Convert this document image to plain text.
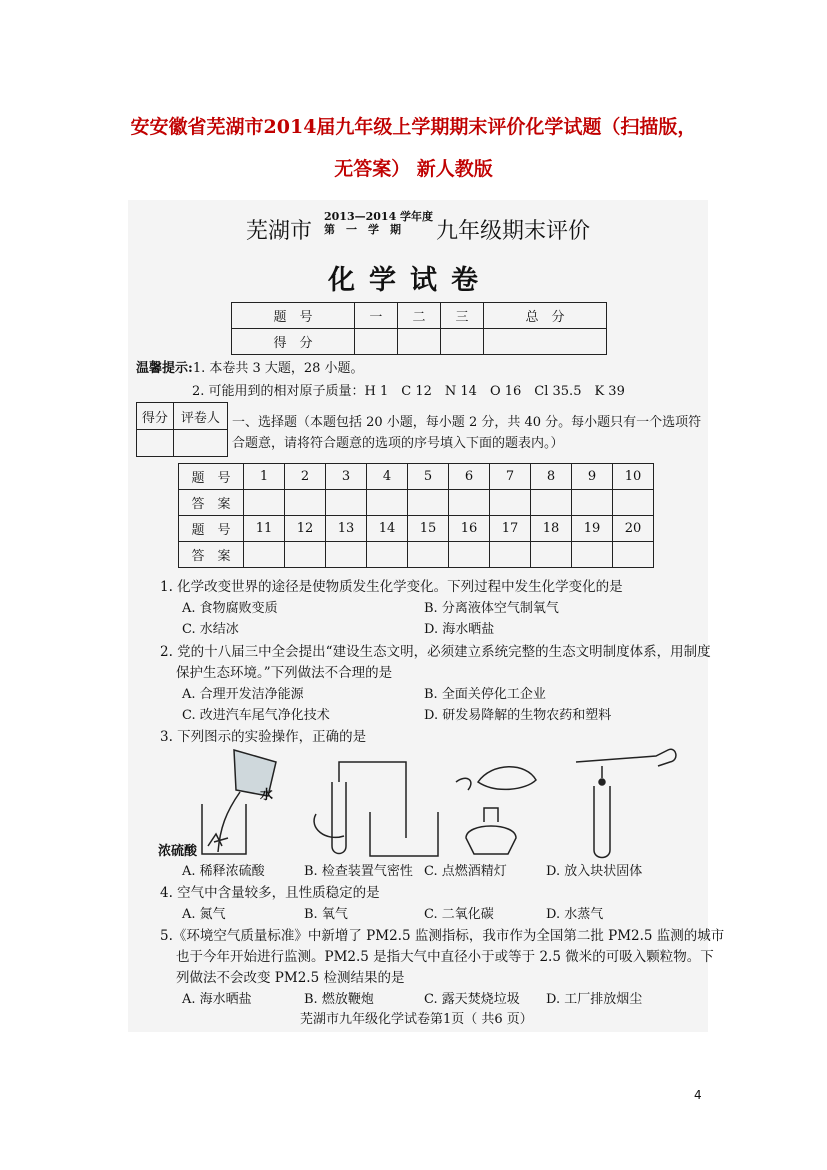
安安徽省芜湖市2014届九年级上学期期末评价化学试题（扫描版，
无答案） 新人教版
芜湖市
2013—2014 学年度
第　一　学　期	九年级期末评价
化学试卷
题　号	一	二	三	总　分
得　分				
温馨提示:1. 本卷共 3 大题，28 小题。
2. 可能用到的相对原子质量：H 1　C 12　N 14　O 16　Cl 35.5　K 39
得分	评卷人
	一、选择题（本题包括 20 小题，每小题 2 分，共 40 分。每小题只有一个选项符
合题意，请将符合题意的选项的序号填入下面的题表内。）
题　号	1	2	3	4	5	6	7	8	9	10
答　案										
题　号	11	12	13	14	15	16	17	18	19	20
答　案										
1. 化学改变世界的途径是使物质发生化学变化。下列过程中发生化学变化的是
A. 食物腐败变质	B. 分离液体空气制氧气
C. 水结冰	D. 海水晒盐
2. 党的十八届三中全会提出“建设生态文明，必须建立系统完整的生态文明制度体系，用制度
保护生态环境。”下列做法不合理的是
A. 合理开发洁净能源	B. 全面关停化工企业
C. 改进汽车尾气净化技术	D. 研发易降解的生物农药和塑料
3. 下列图示的实验操作，正确的是
水
浓硫酸
A. 稀释浓硫酸	B. 检查装置气密性 C. 点燃酒精灯	D. 放入块状固体
4. 空气中含量较多，且性质稳定的是
A. 氮气	B. 氧气	C. 二氧化碳	D. 水蒸气
5.《环境空气质量标准》中新增了 PM2.5 监测指标，我市作为全国第二批 PM2.5 监测的城市
也于今年开始进行监测。PM2.5 是指大气中直径小于或等于 2.5 微米的可吸入颗粒物。下
列做法不会改变 PM2.5 检测结果的是
A. 海水晒盐	B. 燃放鞭炮	C. 露天焚烧垃圾 D. 工厂排放烟尘
芜湖市九年级化学试卷第1页（ 共6 页）
4
